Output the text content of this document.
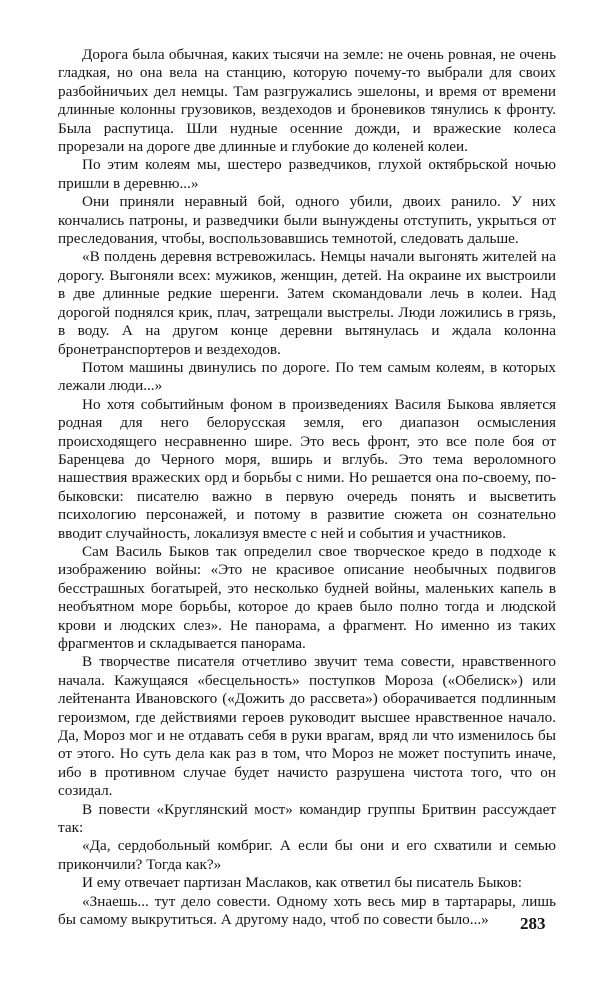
Дорога была обычная, каких тысячи на земле: не очень ровная, не очень гладкая, но она вела на станцию, которую почему-то выбрали для своих разбойничьих дел немцы. Там разгружались эшелоны, и время от времени длинные колонны грузовиков, вездеходов и броневиков тянулись к фронту. Была распутица. Шли нудные осенние дожди, и вражеские колеса прорезали на дороге две длинные и глубокие до коленей колеи.

По этим колеям мы, шестеро разведчиков, глухой октябрьской ночью пришли в деревню...»

Они приняли неравный бой, одного убили, двоих ранило. У них кончались патроны, и разведчики были вынуждены отступить, укрыться от преследования, чтобы, воспользовавшись темнотой, следовать дальше.

«В полдень деревня встревожилась. Немцы начали выгонять жителей на дорогу. Выгоняли всех: мужиков, женщин, детей. На окраине их выстроили в две длинные редкие шеренги. Затем скомандовали лечь в колеи. Над дорогой поднялся крик, плач, затрещали выстрелы. Люди ложились в грязь, в воду. А на другом конце деревни вытянулась и ждала колонна бронетранспортеров и вездеходов.

Потом машины двинулись по дороге. По тем самым колеям, в которых лежали люди...»

Но хотя событийным фоном в произведениях Василя Быкова является родная для него белорусская земля, его диапазон осмысления происходящего несравненно шире. Это весь фронт, это все поле боя от Баренцева до Черного моря, вширь и вглубь. Это тема вероломного нашествия вражеских орд и борьбы с ними. Но решается она по-своему, по-быковски: писателю важно в первую очередь понять и высветить психологию персонажей, и потому в развитие сюжета он сознательно вводит случайность, локализуя вместе с ней и события и участников.

Сам Василь Быков так определил свое творческое кредо в подходе к изображению войны: «Это не красивое описание необычных подвигов бесстрашных богатырей, это несколько будней войны, маленьких капель в необъятном море борьбы, которое до краев было полно тогда и людской крови и людских слез». Не панорама, а фрагмент. Но именно из таких фрагментов и складывается панорама.

В творчестве писателя отчетливо звучит тема совести, нравственного начала. Кажущаяся «бесцельность» поступков Мороза («Обелиск») или лейтенанта Ивановского («Дожить до рассвета») оборачивается подлинным героизмом, где действиями героев руководит высшее нравственное начало. Да, Мороз мог и не отдавать себя в руки врагам, вряд ли что изменилось бы от этого. Но суть дела как раз в том, что Мороз не может поступить иначе, ибо в противном случае будет начисто разрушена чистота того, что он созидал.

В повести «Круглянский мост» командир группы Бритвин рассуждает так:

«Да, сердобольный комбриг. А если бы они и его схватили и семью прикончили? Тогда как?»

И ему отвечает партизан Маслаков, как ответил бы писатель Быков:

«Знаешь... тут дело совести. Одному хоть весь мир в тартарары, лишь бы самому выкрутиться. А другому надо, чтоб по совести было...»	283
